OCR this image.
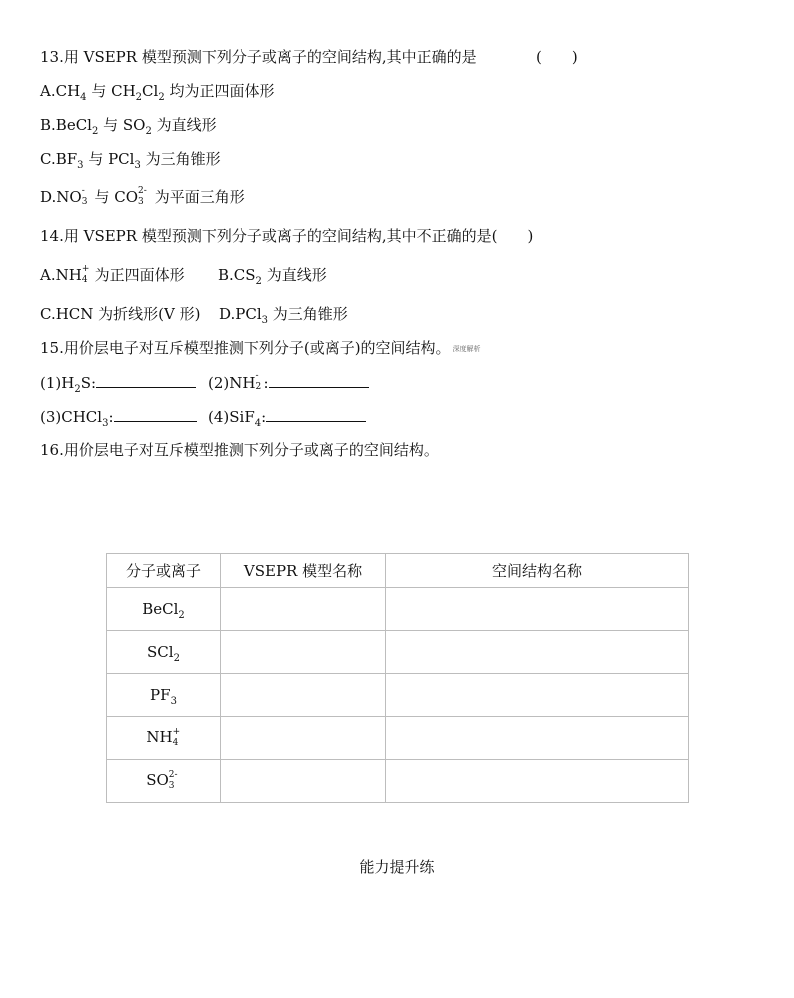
13.用 VSEPR 模型预测下列分子或离子的空间结构,其中正确的是	(　　)
$A.CH_4$ 与 $CH_2Cl_2$ 均为正四面体形
B.BeCl$_2$ 与 $SO_2$ 为直线形
$C.BF_3$ 与 PCl$_3$ 为三角锥形
D.NO -
3 与 CO 2-
3 为平面三角形
14.用 VSEPR 模型预测下列分子或离子的空间结构,其中不正确的是(　　)
A.NH +
4 为正四面体形 $B.CS_2$ 为直线形
C.HCN 为折线形(V 形) D.PCl$_3$ 为三角锥形
15.用价层电子对互斥模型推测下列分子(或离子)的空间结构。 深度解析
$(1)H_2S$:	(2)NH -
2 :
(3)CHCl$_3$:	(4)SiF$_4$:
16.用价层电子对互斥模型推测下列分子或离子的空间结构。
分子或离子	VSEPR 模型名称	空间结构名称
BeCl$_2$		
SCl$_2$		
$PF_3$		
NH +
4		

SO 2-
3		

能力提升练
